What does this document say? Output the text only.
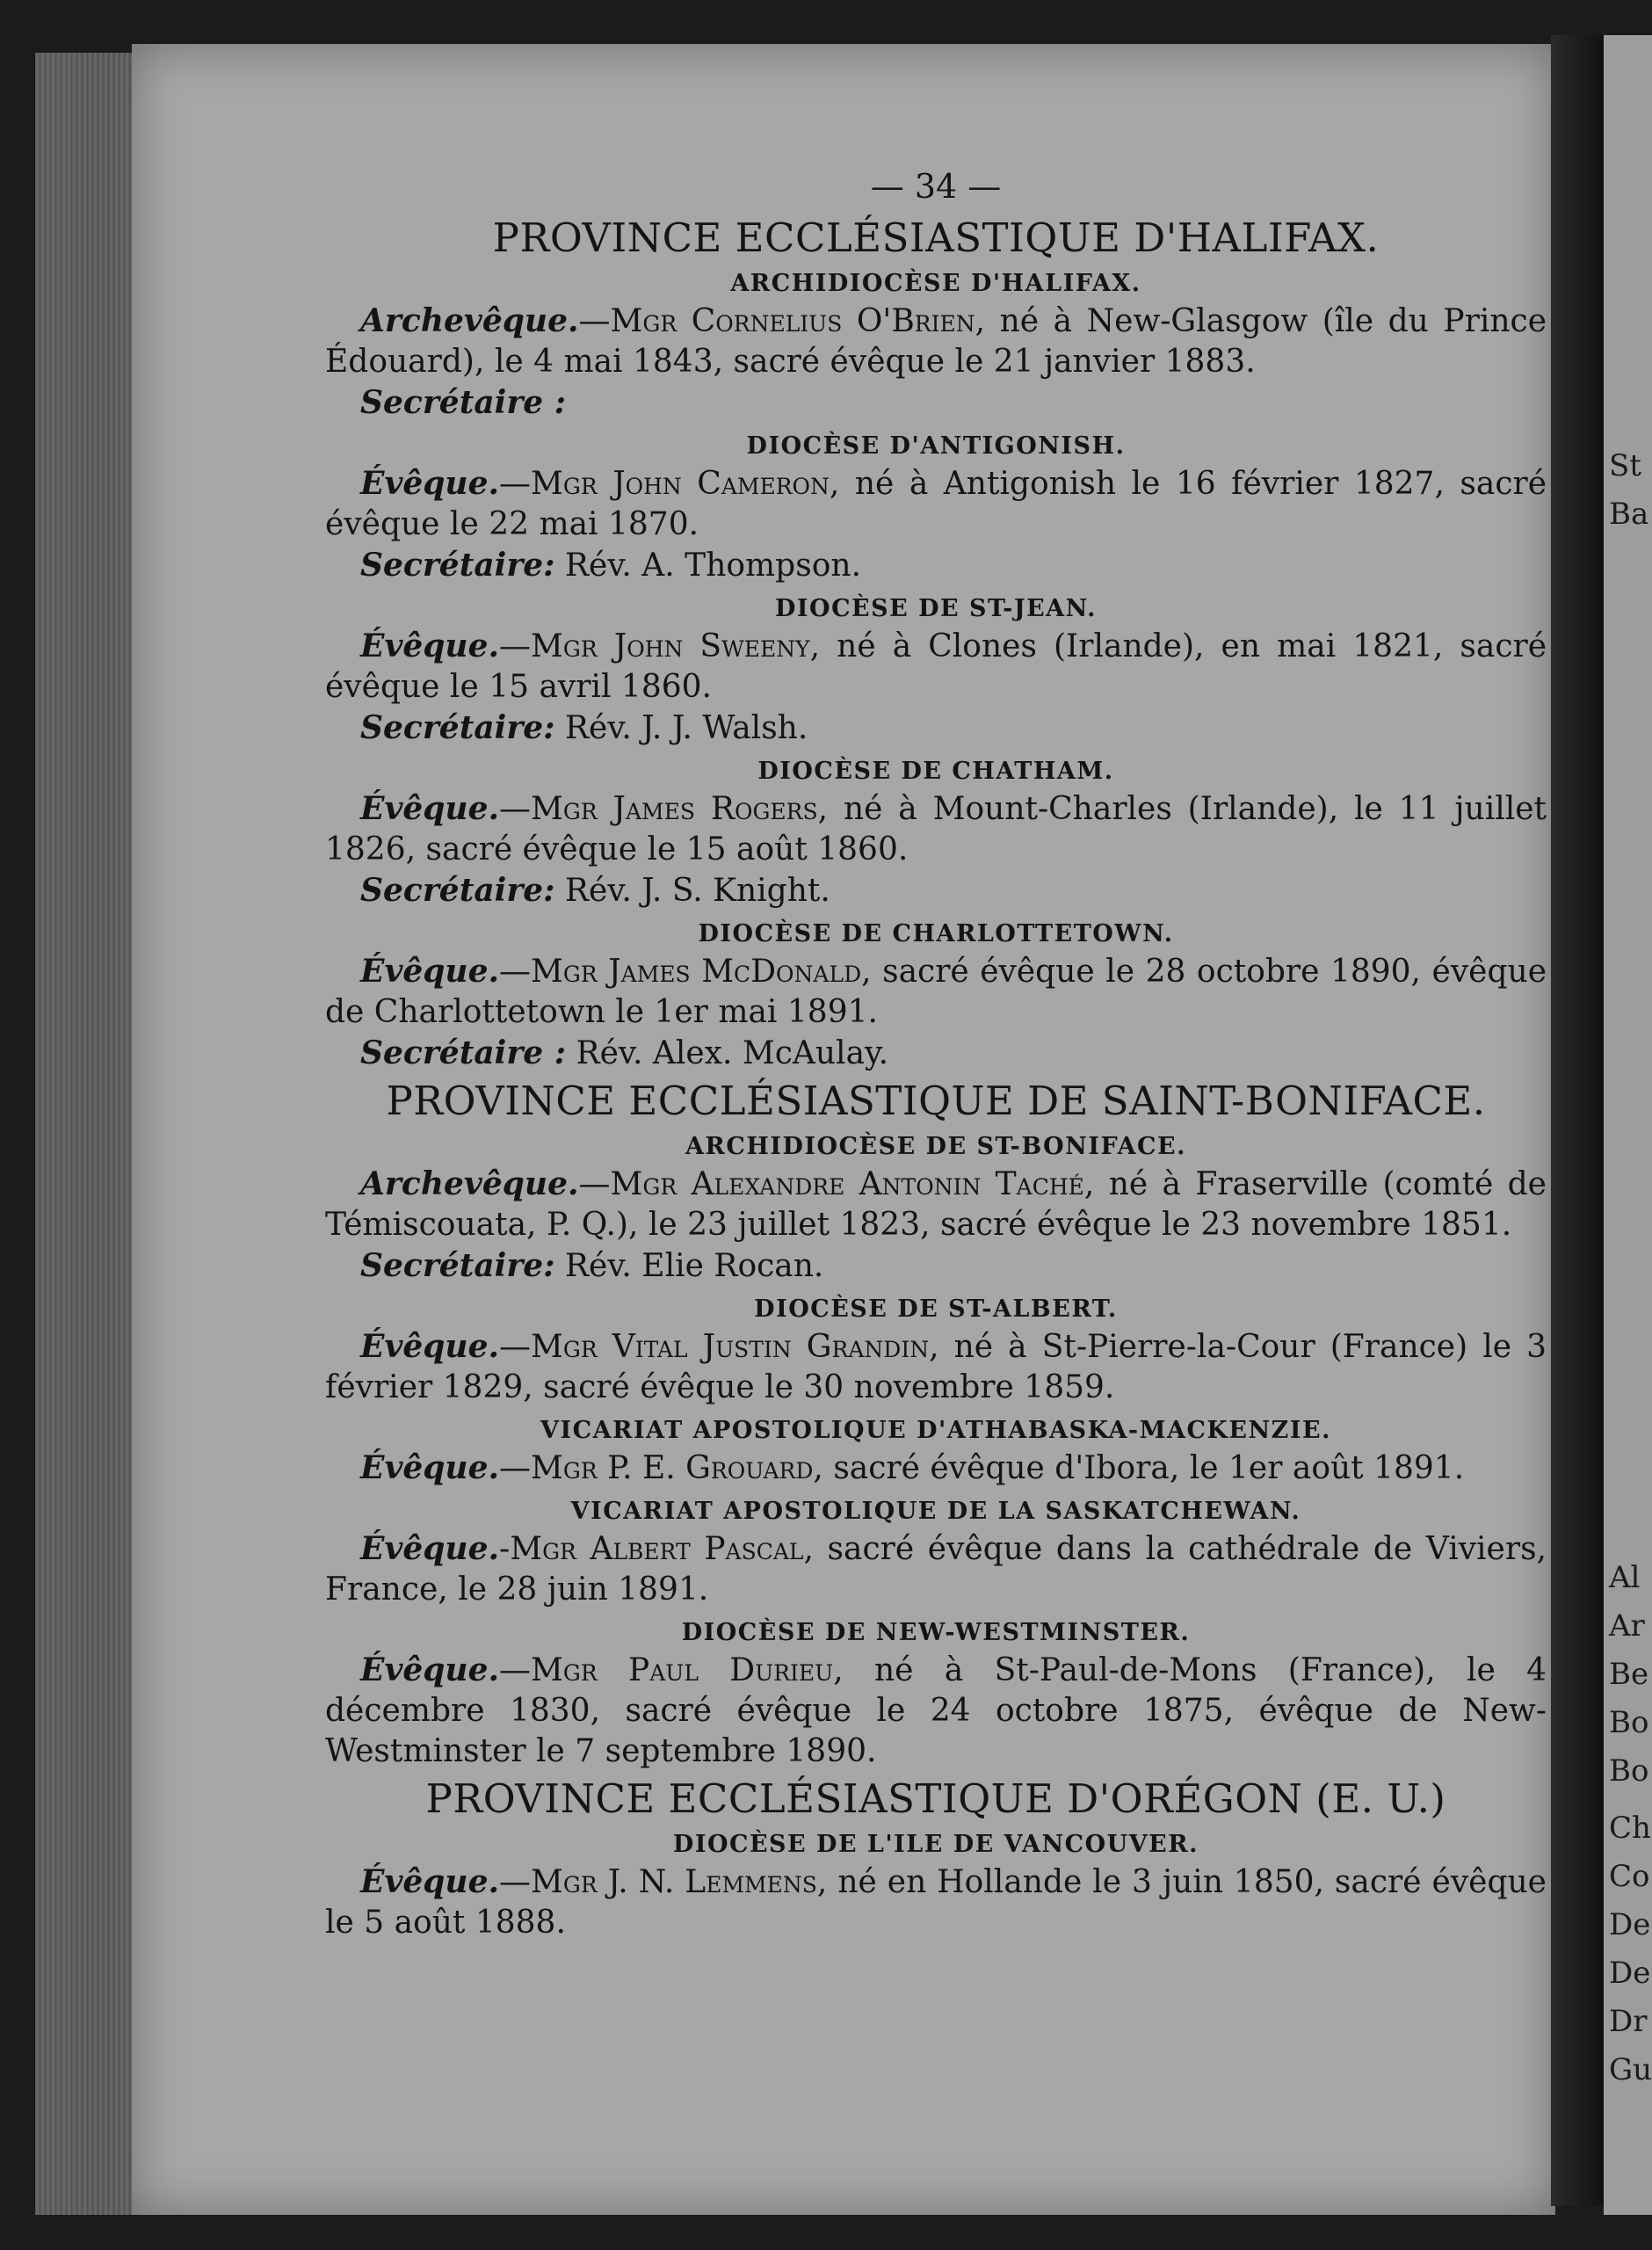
St
Ba
Al
Ar
Be
Bo
Bo
Ch
Co
De
De
Dr
Gu
— 34 —
PROVINCE ECCLÉSIASTIQUE D'HALIFAX.
ARCHIDIOCÈSE D'HALIFAX.

Archevêque.—Mgr Cornelius O'Brien, né à New-Glasgow (île du Prince Édouard), le 4 mai 1843, sacré évêque le 21 janvier 1883.

Secrétaire :
DIOCÈSE D'ANTIGONISH.

Évêque.—Mgr John Cameron, né à Antigonish le 16 février 1827, sacré évêque le 22 mai 1870.

Secrétaire: Rév. A. Thompson.
DIOCÈSE DE ST-JEAN.

Évêque.—Mgr John Sweeny, né à Clones (Irlande), en mai 1821, sacré évêque le 15 avril 1860.

Secrétaire: Rév. J. J. Walsh.
DIOCÈSE DE CHATHAM.

Évêque.—Mgr James Rogers, né à Mount-Charles (Irlande), le 11 juillet 1826, sacré évêque le 15 août 1860.

Secrétaire: Rév. J. S. Knight.
DIOCÈSE DE CHARLOTTETOWN.

Évêque.—Mgr James McDonald, sacré évêque le 28 octobre 1890, évêque de Charlottetown le 1er mai 1891.

Secrétaire : Rév. Alex. McAulay.
PROVINCE ECCLÉSIASTIQUE DE SAINT-BONIFACE.
ARCHIDIOCÈSE DE ST-BONIFACE.

Archevêque.—Mgr Alexandre Antonin Taché, né à Fraserville (comté de Témiscouata, P. Q.), le 23 juillet 1823, sacré évêque le 23 novembre 1851.

Secrétaire: Rév. Elie Rocan.
DIOCÈSE DE ST-ALBERT.

Évêque.—Mgr Vital Justin Grandin, né à St-Pierre-la-Cour (France) le 3 février 1829, sacré évêque le 30 novembre 1859.

VICARIAT APOSTOLIQUE D'ATHABASKA-MACKENZIE.

Évêque.—Mgr P. E. Grouard, sacré évêque d'Ibora, le 1er août 1891.

VICARIAT APOSTOLIQUE DE LA SASKATCHEWAN.

Évêque.-Mgr Albert Pascal, sacré évêque dans la cathédrale de Viviers, France, le 28 juin 1891.

DIOCÈSE DE NEW-WESTMINSTER.

Évêque.—Mgr Paul Durieu, né à St-Paul-de-Mons (France), le 4 décembre 1830, sacré évêque le 24 octobre 1875, évêque de New-Westminster le 7 septembre 1890.

PROVINCE ECCLÉSIASTIQUE D'ORÉGON (E. U.)
DIOCÈSE DE L'ILE DE VANCOUVER.

Évêque.—Mgr J. N. Lemmens, né en Hollande le 3 juin 1850, sacré évêque le 5 août 1888.
